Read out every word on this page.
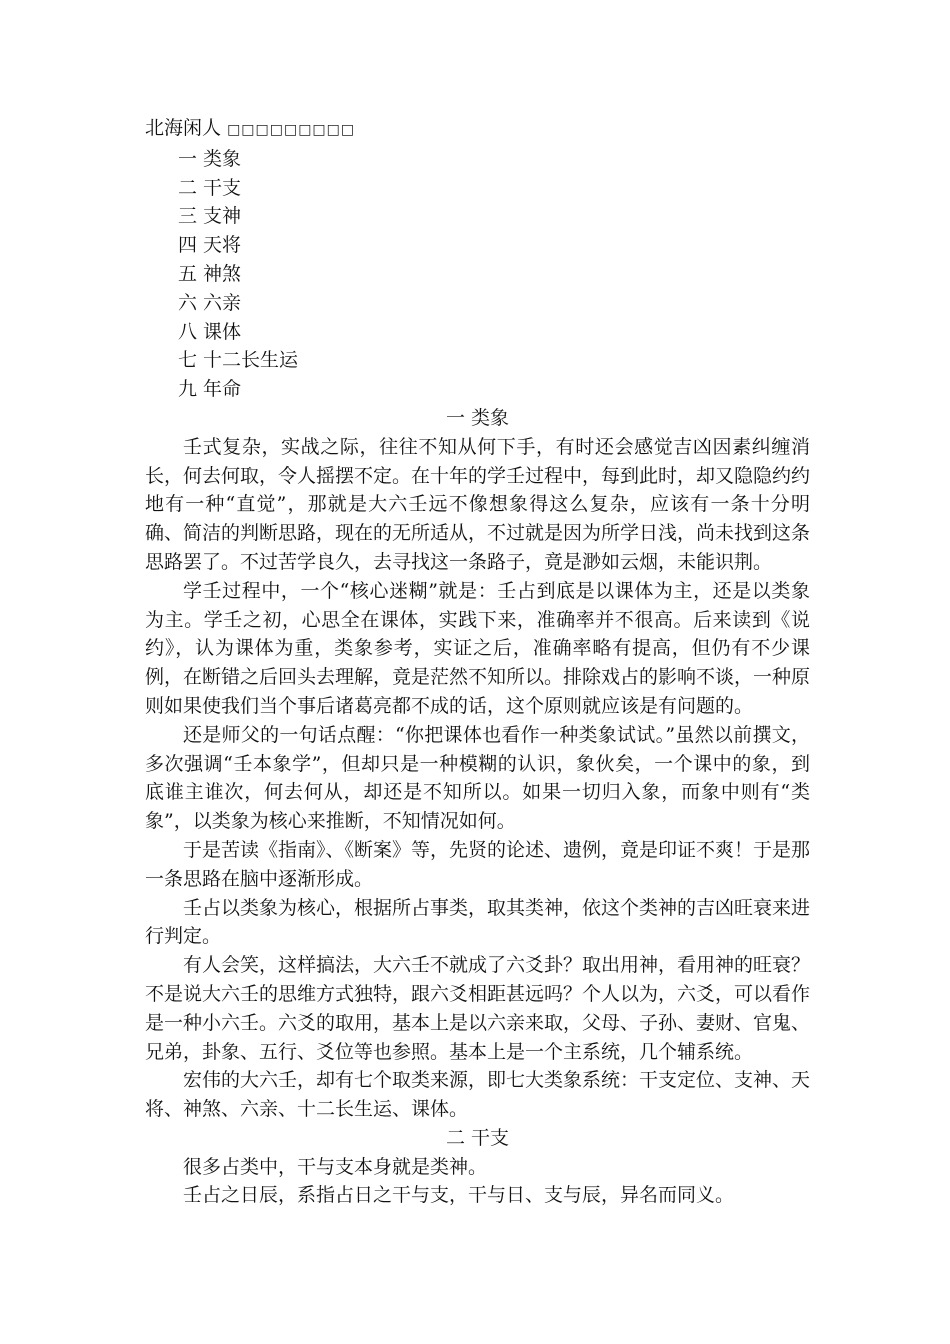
北海闲人 □□□□□□□□□
一 类象
二 干支
三 支神
四 天将
五 神煞
六 六亲
八 课体
七 十二长生运
九 年命
一 类象

壬式复杂，实战之际，往往不知从何下手，有时还会感觉吉凶因素纠缠消长，何去何取，令人摇摆不定。在十年的学壬过程中，每到此时，却又隐隐约约地有一种“直觉”，那就是大六壬远不像想象得这么复杂，应该有一条十分明确、简洁的判断思路，现在的无所适从，不过就是因为所学日浅，尚未找到这条思路罢了。不过苦学良久，去寻找这一条路子，竟是渺如云烟，未能识荆。

学壬过程中，一个“核心迷糊”就是：壬占到底是以课体为主，还是以类象为主。学壬之初，心思全在课体，实践下来，准确率并不很高。后来读到《说约》，认为课体为重，类象参考，实证之后，准确率略有提高，但仍有不少课例，在断错之后回头去理解，竟是茫然不知所以。排除戏占的影响不谈，一种原则如果使我们当个事后诸葛亮都不成的话，这个原则就应该是有问题的。

还是师父的一句话点醒：“你把课体也看作一种类象试试。”虽然以前撰文，多次强调“壬本象学”，但却只是一种模糊的认识，象伙矣，一个课中的象，到底谁主谁次，何去何从，却还是不知所以。如果一切归入象，而象中则有“类象”，以类象为核心来推断，不知情况如何。

于是苦读《指南》、《断案》等，先贤的论述、遗例，竟是印证不爽！于是那一条思路在脑中逐渐形成。

壬占以类象为核心，根据所占事类，取其类神，依这个类神的吉凶旺衰来进行判定。

有人会笑，这样搞法，大六壬不就成了六爻卦？取出用神，看用神的旺衰？不是说大六壬的思维方式独特，跟六爻相距甚远吗？个人以为，六爻，可以看作是一种小六壬。六爻的取用，基本上是以六亲来取，父母、子孙、妻财、官鬼、兄弟，卦象、五行、爻位等也参照。基本上是一个主系统，几个辅系统。

宏伟的大六壬，却有七个取类来源，即七大类象系统：干支定位、支神、天将、神煞、六亲、十二长生运、课体。

二 干支

很多占类中，干与支本身就是类神。

壬占之日辰，系指占日之干与支，干与日、支与辰，异名而同义。
